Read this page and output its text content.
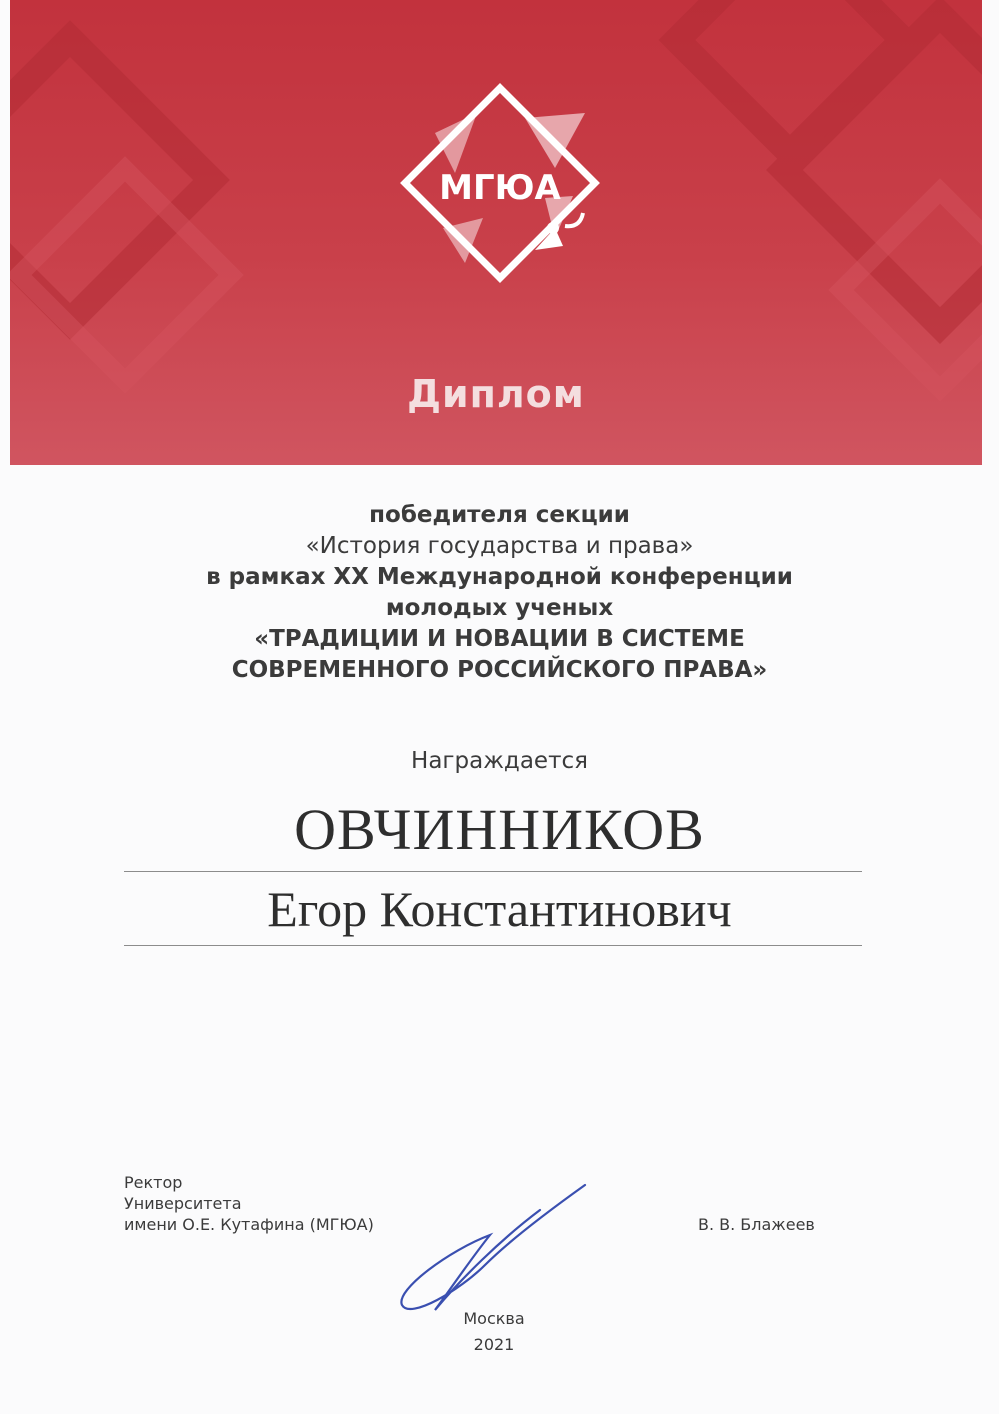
МГЮА
Диплом
победителя секции
«История государства и права»
в рамках XX Международной конференции
молодых ученых
«ТРАДИЦИИ И НОВАЦИИ В СИСТЕМЕ
СОВРЕМЕННОГО РОССИЙСКОГО ПРАВА»
Награждается
ОВЧИННИКОВ
Егор Константинович
Ректор
Университета
имени О.Е. Кутафина (МГЮА)	В. В. Блажеев
Москва
2021
